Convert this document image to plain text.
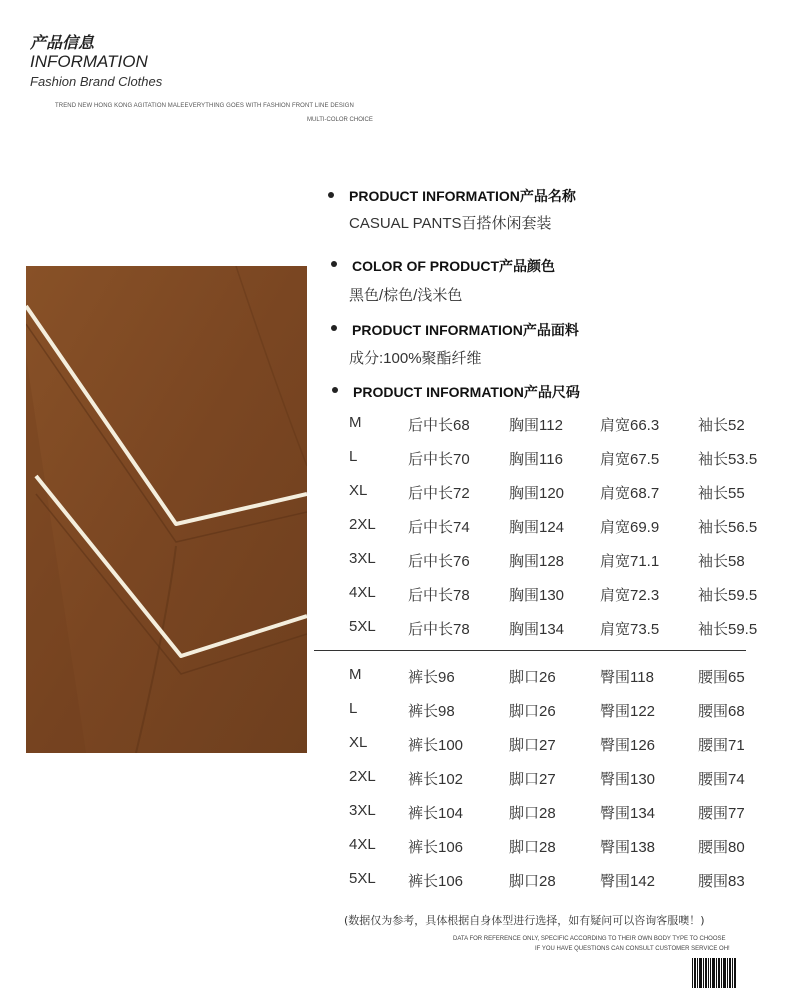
产品信息
INFORMATION
Fashion Brand Clothes
TREND NEW HONG KONG AGITATION MALEEVERYTHING GOES WITH FASHION FRONT LINE DESIGN
MULTI-COLOR CHOICE
PRODUCT INFORMATION产品名称
CASUAL PANTS百搭休闲套装
COLOR OF PRODUCT产品颜色
黑色/棕色/浅米色
PRODUCT INFORMATION产品面料
成分:100%聚酯纤维
PRODUCT INFORMATION产品尺码
M	后中长68	胸围112 肩宽66.3	袖长52
L	后中长70	胸围116 肩宽67.5	袖长53.5
XL	后中长72	胸围120 肩宽68.7	袖长55
2XL 后中长74	胸围124 肩宽69.9	袖长56.5
3XL 后中长76	胸围128 肩宽71.1	袖长58
4XL 后中长78	胸围130 肩宽72.3	袖长59.5
5XL 后中长78	胸围134 肩宽73.5	袖长59.5
M	裤长96	脚口26	臀围118	腰围65
L	裤长98	脚口26	臀围122	腰围68
XL	裤长100	脚口27	臀围126	腰围71
2XL 裤长102	脚口27	臀围130	腰围74
3XL 裤长104	脚口28	臀围134	腰围77
4XL 裤长106	脚口28	臀围138	腰围80
5XL 裤长106	脚口28	臀围142	腰围83
(数据仅为参考，具体根据自身体型进行选择，如有疑问可以咨询客服噢！)
DATA FOR REFERENCE ONLY, SPECIFIC ACCORDING TO THEIR OWN BODY TYPE TO CHOOSE
IF YOU HAVE QUESTIONS CAN CONSULT CUSTOMER SERVICE OH!
